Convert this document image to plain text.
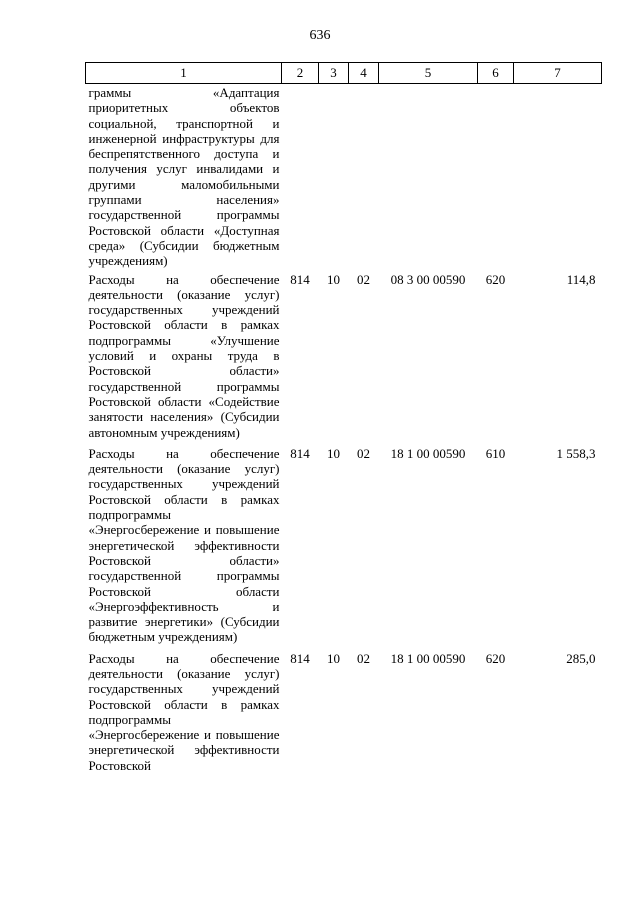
636
1	2	3	4	5	6	7
граммы «Адаптация приоритетных объектов социальной, транспортной и инженерной инфраструктуры для беспрепятственного доступа и получения услуг инвалидами и другими маломобильными группами населения» государственной программы Ростовской области «Доступная среда» (Субсидии бюджетным учреждениям)						
Расходы на обеспечение деятельности (оказание услуг) государственных учреждений Ростовской области в рамках подпрограммы «Улучшение условий и охраны труда в Ростовской области» государственной программы Ростовской области «Содействие занятости населения» (Субсидии автономным учреждениям)	814	10	02	08 3 00 00590	620	114,8
Расходы на обеспечение деятельности (оказание услуг) государственных учреждений Ростовской области в рамках подпрограммы «Энергосбережение и повышение энергетической эффективности Ростовской области» государственной программы Ростовской области «Энергоэффективность и развитие энергетики» (Субсидии бюджетным учреждениям)	814	10	02	18 1 00 00590	610	1 558,3
Расходы на обеспечение деятельности (оказание услуг) государственных учреждений Ростовской области в рамках подпрограммы «Энергосбережение и повышение энергетической эффективности Ростовской	814	10	02	18 1 00 00590	620	285,0
